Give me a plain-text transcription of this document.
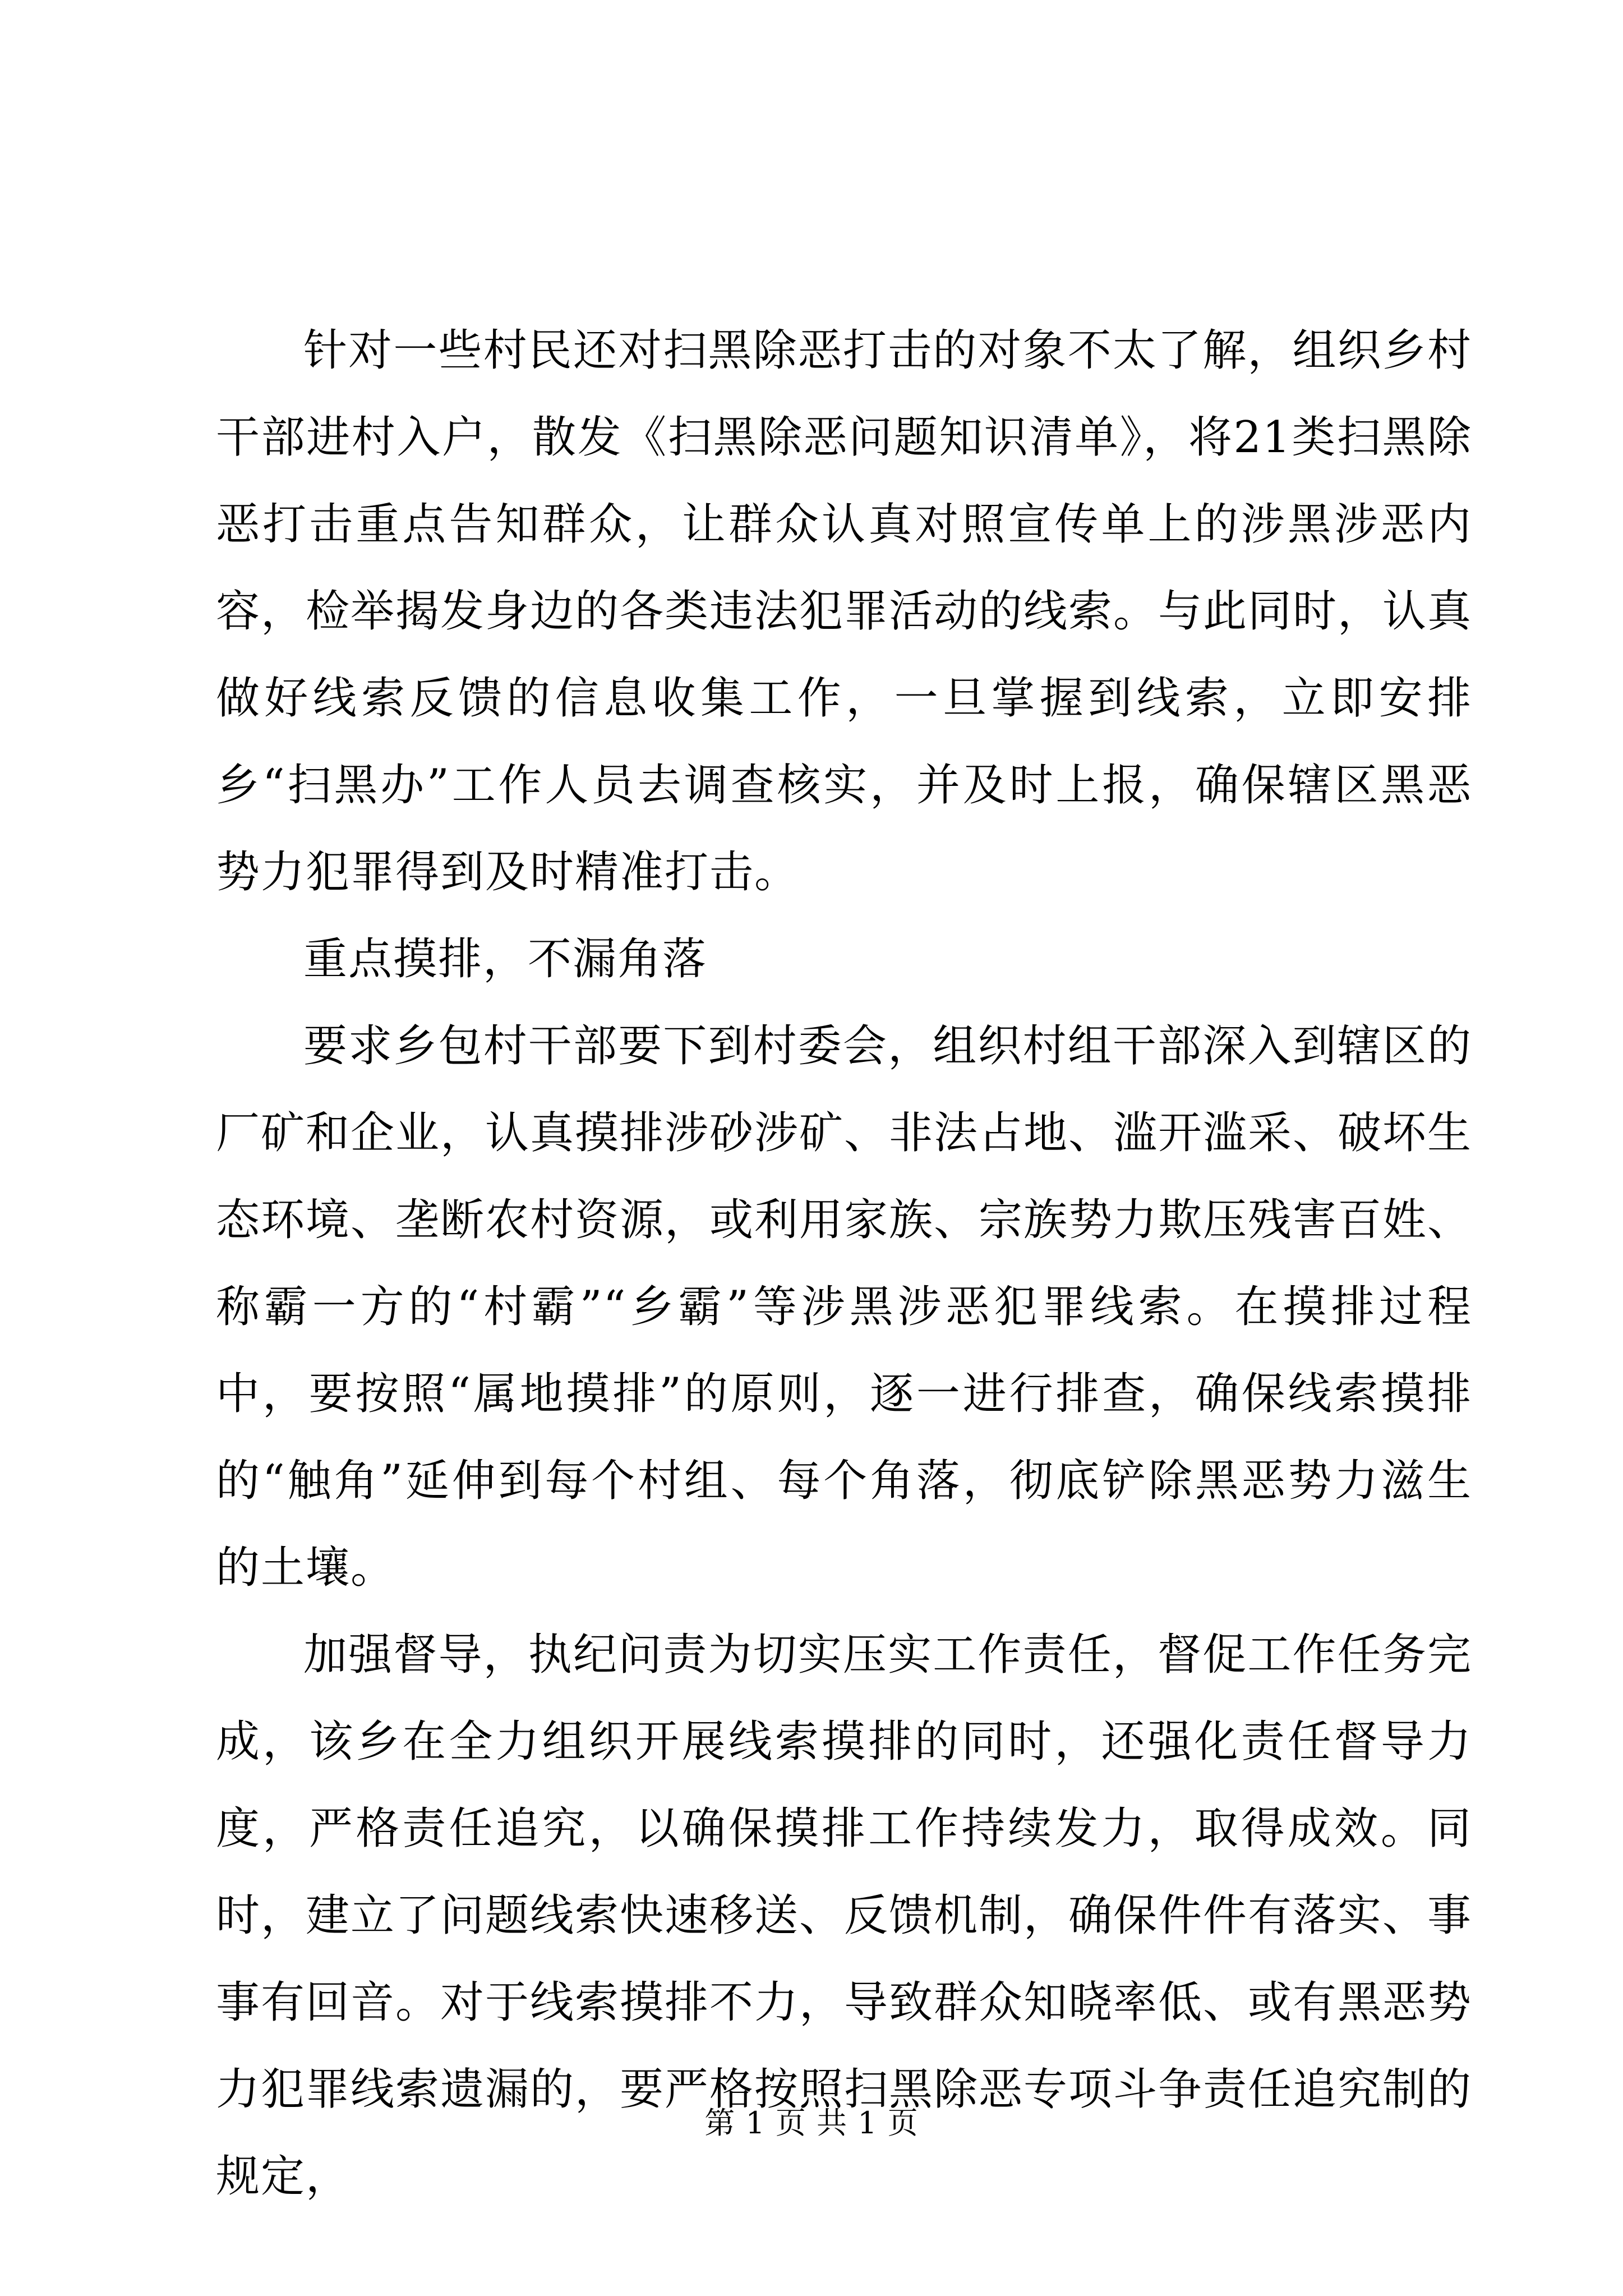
针对一些村民还对扫黑除恶打击的对象不太了解，组织乡村干部进村入户，散发《扫黑除恶问题知识清单》，将21类扫黑除恶打击重点告知群众，让群众认真对照宣传单上的涉黑涉恶内容，检举揭发身边的各类违法犯罪活动的线索。与此同时，认真做好线索反馈的信息收集工作，一旦掌握到线索，立即安排乡“扫黑办”工作人员去调查核实，并及时上报，确保辖区黑恶势力犯罪得到及时精准打击。

重点摸排，不漏角落

要求乡包村干部要下到村委会，组织村组干部深入到辖区的厂矿和企业，认真摸排涉砂涉矿、非法占地、滥开滥采、破坏生态环境、垄断农村资源，或利用家族、宗族势力欺压残害百姓、称霸一方的“村霸”“乡霸”等涉黑涉恶犯罪线索。在摸排过程中，要按照“属地摸排”的原则，逐一进行排查，确保线索摸排的“触角”延伸到每个村组、每个角落，彻底铲除黑恶势力滋生的土壤。

加强督导，执纪问责为切实压实工作责任，督促工作任务完成，该乡在全力组织开展线索摸排的同时，还强化责任督导力度，严格责任追究，以确保摸排工作持续发力，取得成效。同时，建立了问题线索快速移送、反馈机制，确保件件有落实、事事有回音。对于线索摸排不力，导致群众知晓率低、或有黑恶势力犯罪线索遗漏的，要严格按照扫黑除恶专项斗争责任追究制的规定，

第 1 页 共 1 页
